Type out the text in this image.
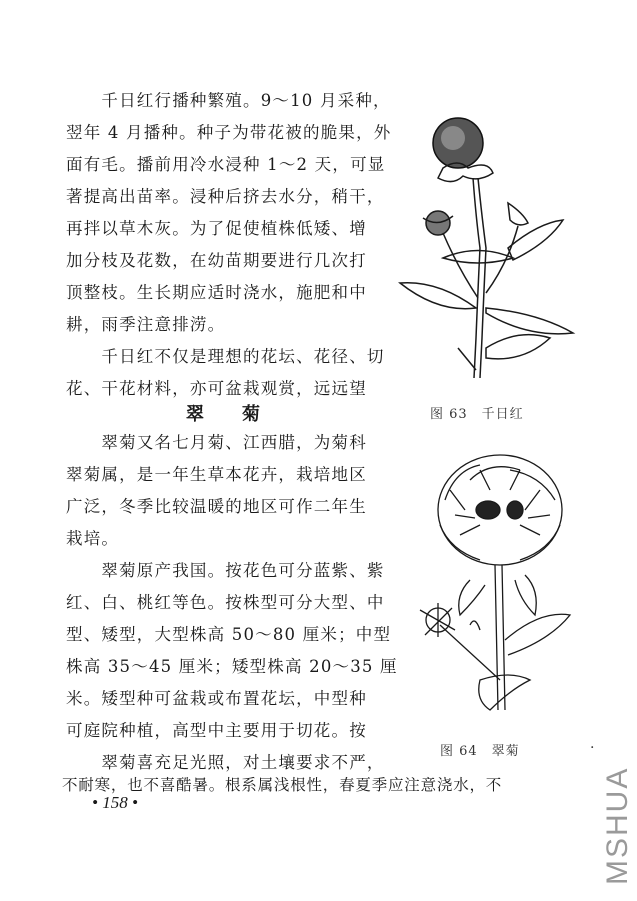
　　千日红行播种繁殖。9～10 月采种，
翌年 4 月播种。种子为带花被的脆果，外
面有毛。播前用冷水浸种 1～2 天，可显
著提高出苗率。浸种后挤去水分，稍干，
再拌以草木灰。为了促使植株低矮、增
加分枝及花数，在幼苗期要进行几次打
顶整枝。生长期应适时浇水，施肥和中
耕，雨季注意排涝。
　　千日红不仅是理想的花坛、花径、切
花、干花材料，亦可盆栽观赏，远远望
翠 菊
　　翠菊又名七月菊、江西腊，为菊科
翠菊属，是一年生草本花卉，栽培地区
广泛，冬季比较温暖的地区可作二年生
栽培。
　　翠菊原产我国。按花色可分蓝紫、紫
红、白、桃红等色。按株型可分大型、中
型、矮型，大型株高 50～80 厘米；中型
株高 35～45 厘米；矮型株高 20～35 厘
米。矮型种可盆栽或布置花坛，中型种
可庭院种植，高型中主要用于切花。按
图 63　千日红
图 64　翠菊	.
　　翠菊喜充足光照，对土壤要求不严，
不耐寒，也不喜酷暑。根系属浅根性，春夏季应注意浇水，不
• 158 •	MSHUA
